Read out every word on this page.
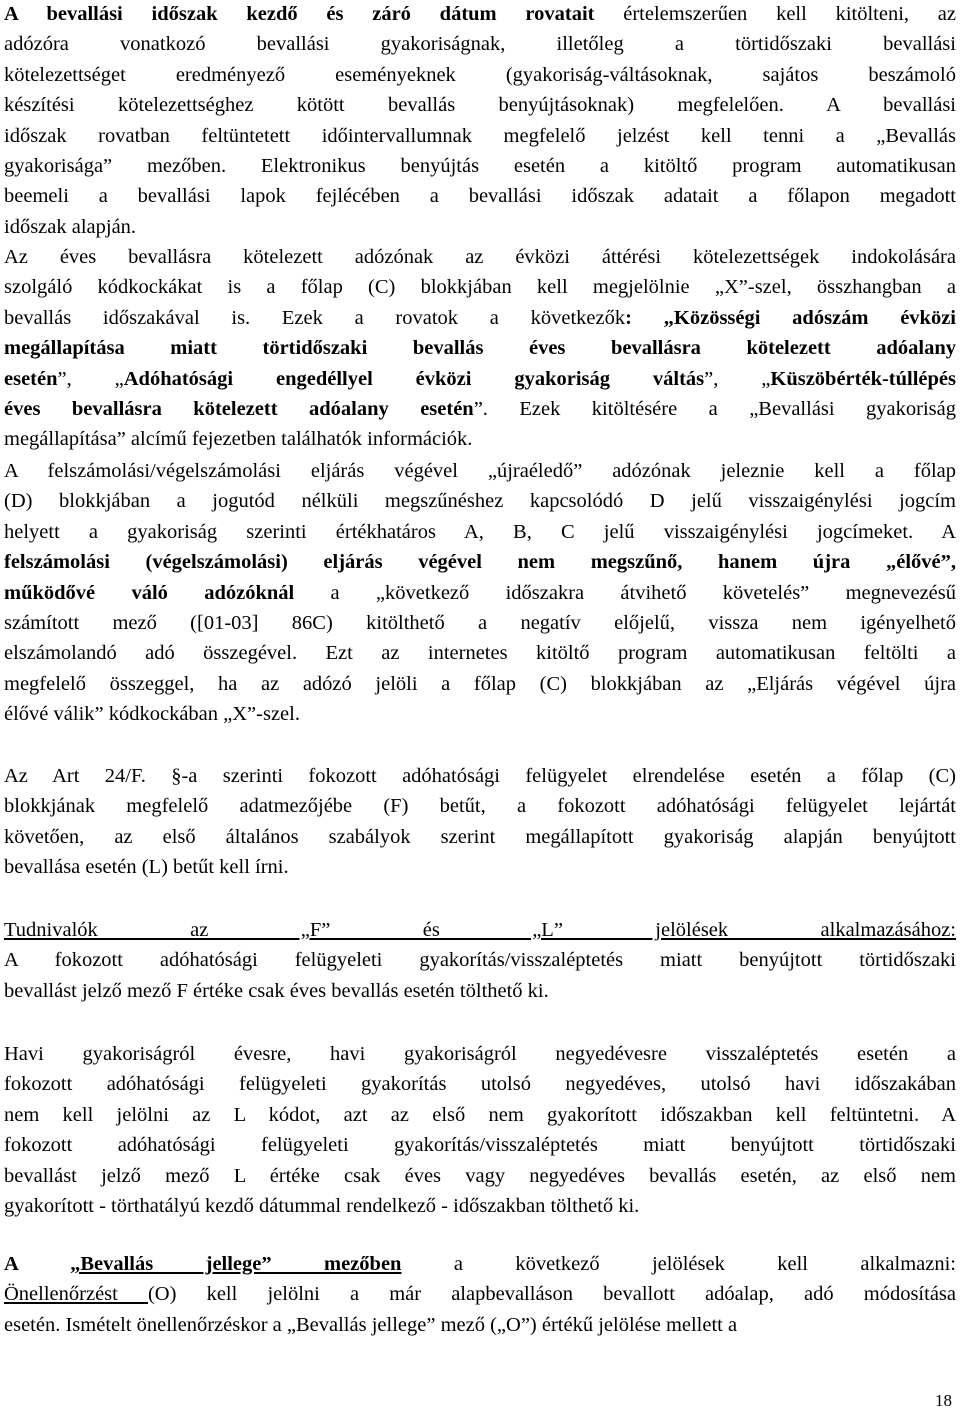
A bevallási időszak kezdő és záró dátum rovatait értelemszerűen kell kitölteni, az
adózóra vonatkozó bevallási gyakoriságnak, illetőleg a törtidőszaki bevallási
kötelezettséget eredményező eseményeknek (gyakoriság-váltásoknak, sajátos beszámoló
készítési kötelezettséghez kötött bevallás benyújtásoknak) megfelelően. A bevallási
időszak rovatban feltüntetett időintervallumnak megfelelő jelzést kell tenni a „Bevallás
gyakorisága” mezőben. Elektronikus benyújtás esetén a kitöltő program automatikusan
beemeli a bevallási lapok fejlécében a bevallási időszak adatait a főlapon megadott
időszak alapján.
Az éves bevallásra kötelezett adózónak az évközi áttérési kötelezettségek indokolására
szolgáló kódkockákat is a főlap (C) blokkjában kell megjelölnie „X”-szel, összhangban a
bevallás időszakával is. Ezek a rovatok a következők: „Közösségi adószám évközi
megállapítása miatt törtidőszaki bevallás éves bevallásra kötelezett adóalany
esetén”, „Adóhatósági engedéllyel évközi gyakoriság váltás”, „Küszöbérték-túllépés
éves bevallásra kötelezett adóalany esetén”. Ezek kitöltésére a „Bevallási gyakoriság
megállapítása” alcímű fejezetben találhatók információk.
A felszámolási/végelszámolási eljárás végével „újraéledő” adózónak jeleznie kell a főlap
(D) blokkjában a jogutód nélküli megszűnéshez kapcsolódó D jelű visszaigénylési jogcím
helyett a gyakoriság szerinti értékhatáros A, B, C jelű visszaigénylési jogcímeket. A
felszámolási (végelszámolási) eljárás végével nem megszűnő, hanem újra „élővé”,
működővé váló adózóknál a „következő időszakra átvihető követelés” megnevezésű
számított mező ([01-03] 86C) kitölthető a negatív előjelű, vissza nem igényelhető
elszámolandó adó összegével. Ezt az internetes kitöltő program automatikusan feltölti a
megfelelő összeggel, ha az adózó jelöli a főlap (C) blokkjában az „Eljárás végével újra
élővé válik” kódkockában „X”-szel.
Az Art 24/F. §-a szerinti fokozott adóhatósági felügyelet elrendelése esetén a főlap (C)
blokkjának megfelelő adatmezőjébe (F) betűt, a fokozott adóhatósági felügyelet lejártát
követően, az első általános szabályok szerint megállapított gyakoriság alapján benyújtott
bevallása esetén (L) betűt kell írni.
Tudnivalók az „F” és „L” jelölések alkalmazásához:
A fokozott adóhatósági felügyeleti gyakorítás/visszaléptetés miatt benyújtott törtidőszaki
bevallást jelző mező F értéke csak éves bevallás esetén tölthető ki.
Havi gyakoriságról évesre, havi gyakoriságról negyedévesre visszaléptetés esetén a
fokozott adóhatósági felügyeleti gyakorítás utolsó negyedéves, utolsó havi időszakában
nem kell jelölni az L kódot, azt az első nem gyakorított időszakban kell feltüntetni. A
fokozott adóhatósági felügyeleti gyakorítás/visszaléptetés miatt benyújtott törtidőszaki
bevallást jelző mező L értéke csak éves vagy negyedéves bevallás esetén, az első nem
gyakorított - törthatályú kezdő dátummal rendelkező - időszakban tölthető ki.
A „Bevallás jellege” mezőben a következő jelölések kell alkalmazni:
Önellenőrzést (O) kell jelölni a már alapbevalláson bevallott adóalap, adó módosítása
esetén. Ismételt önellenőrzéskor a „Bevallás jellege” mező („O”) értékű jelölése mellett a
18
